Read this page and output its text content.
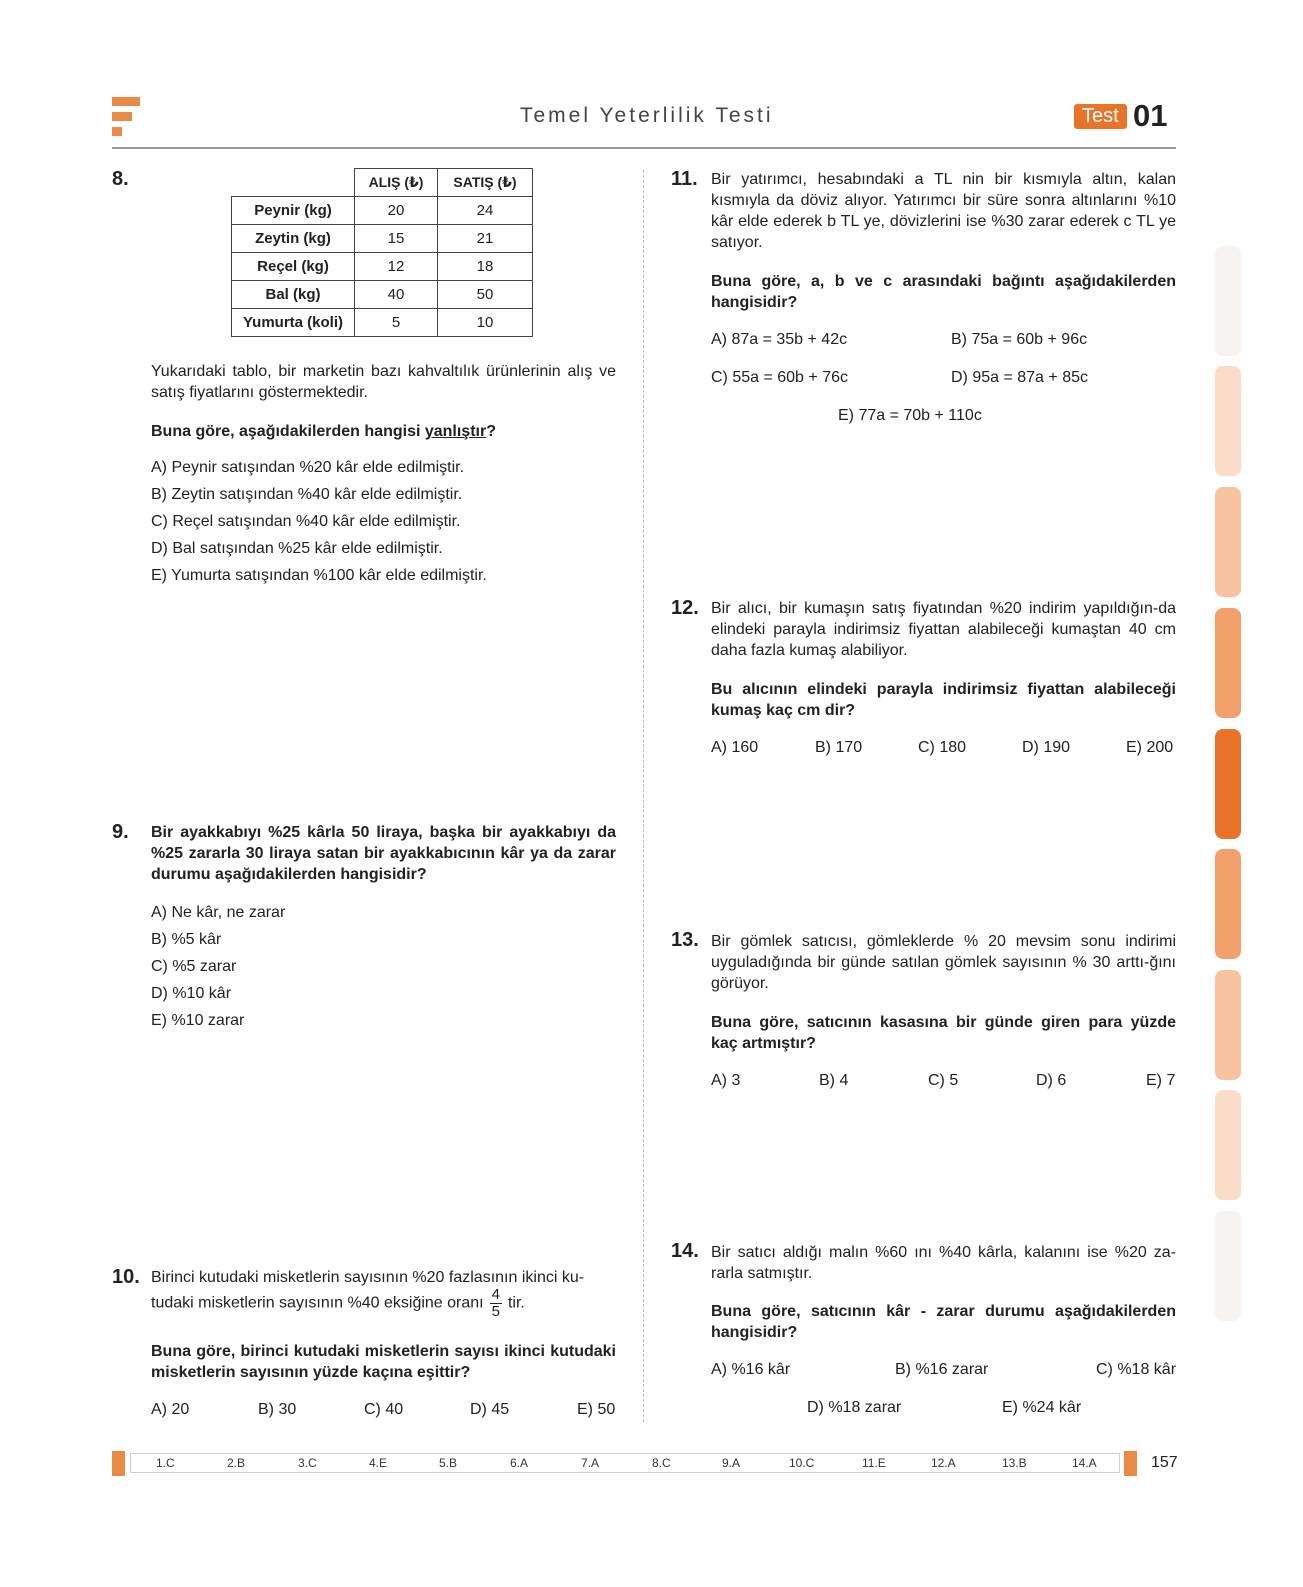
Temel Yeterlilik Testi	Test 01
8.
		ALIŞ (₺)	SATIŞ (₺)
Peynir (kg)	20	24
Zeytin (kg)	15	21
Reçel (kg)	12	18
Bal (kg)	40	50
Yumurta (koli)	5	10
Yukarıdaki tablo, bir marketin bazı kahvaltılık ürünlerinin alış ve satış fiyatlarını göstermektedir.
Buna göre, aşağıdakilerden hangisi yanlıştır?
A) Peynir satışından %20 kâr elde edilmiştir.
B) Zeytin satışından %40 kâr elde edilmiştir.
C) Reçel satışından %40 kâr elde edilmiştir.
D) Bal satışından %25 kâr elde edilmiştir.
E) Yumurta satışından %100 kâr elde edilmiştir.
9. Bir ayakkabıyı %25 kârla 50 liraya, başka bir ayakkabıyı da %25 zararla 30 liraya satan bir ayakkabıcının kâr ya da zarar durumu aşağıdakilerden hangisidir?
A) Ne kâr, ne zarar
B) %5 kâr
C) %5 zarar
D) %10 kâr
E) %10 zarar
10. Birinci kutudaki misketlerin sayısının %20 fazlasının ikinci ku-
tudaki misketlerin sayısının %40 eksiğine oranı $\frac{4}{5}$ tir.
Buna göre, birinci kutudaki misketlerin sayısı ikinci kutudaki misketlerin sayısının yüzde kaçına eşittir?
A) 20	B) 30	C) 40	D) 45	E) 50
11. Bir yatırımcı, hesabındaki a TL nin bir kısmıyla altın, kalan kısmıyla da döviz alıyor. Yatırımcı bir süre sonra altınlarını %10 kâr elde ederek b TL ye, dövizlerini ise %30 zarar ederek c TL ye satıyor.
Buna göre, a, b ve c arasındaki bağıntı aşağıdakilerden hangisidir?
A) 87a = 35b + 42c	B) 75a = 60b + 96c
C) 55a = 60b + 76c	D) 95a = 87a + 85c
E) 77a = 70b + 110c
12. Bir alıcı, bir kumaşın satış fiyatından %20 indirim yapıldığın-da elindeki parayla indirimsiz fiyattan alabileceği kumaştan 40 cm daha fazla kumaş alabiliyor.
Bu alıcının elindeki parayla indirimsiz fiyattan alabileceği kumaş kaç cm dir?
A) 160	B) 170	C) 180	D) 190	E) 200
13. Bir gömlek satıcısı, gömleklerde % 20 mevsim sonu indirimi uyguladığında bir günde satılan gömlek sayısının % 30 arttı-ğını görüyor.
Buna göre, satıcının kasasına bir günde giren para yüzde kaç artmıştır?
A) 3	B) 4	C) 5	D) 6	E) 7
14. Bir satıcı aldığı malın %60 ını %40 kârla, kalanını ise %20 za-rarla satmıştır.
Buna göre, satıcının kâr - zarar durumu aşağıdakilerden hangisidir?
A) %16 kâr	B) %16 zarar	C) %18 kâr
D) %18 zarar	E) %24 kâr
1.C	2.B	3.C	4.E	5.B	6.A	7.A	8.C	9.A	10.C	11.E	12.A	13.B	14.A	157
